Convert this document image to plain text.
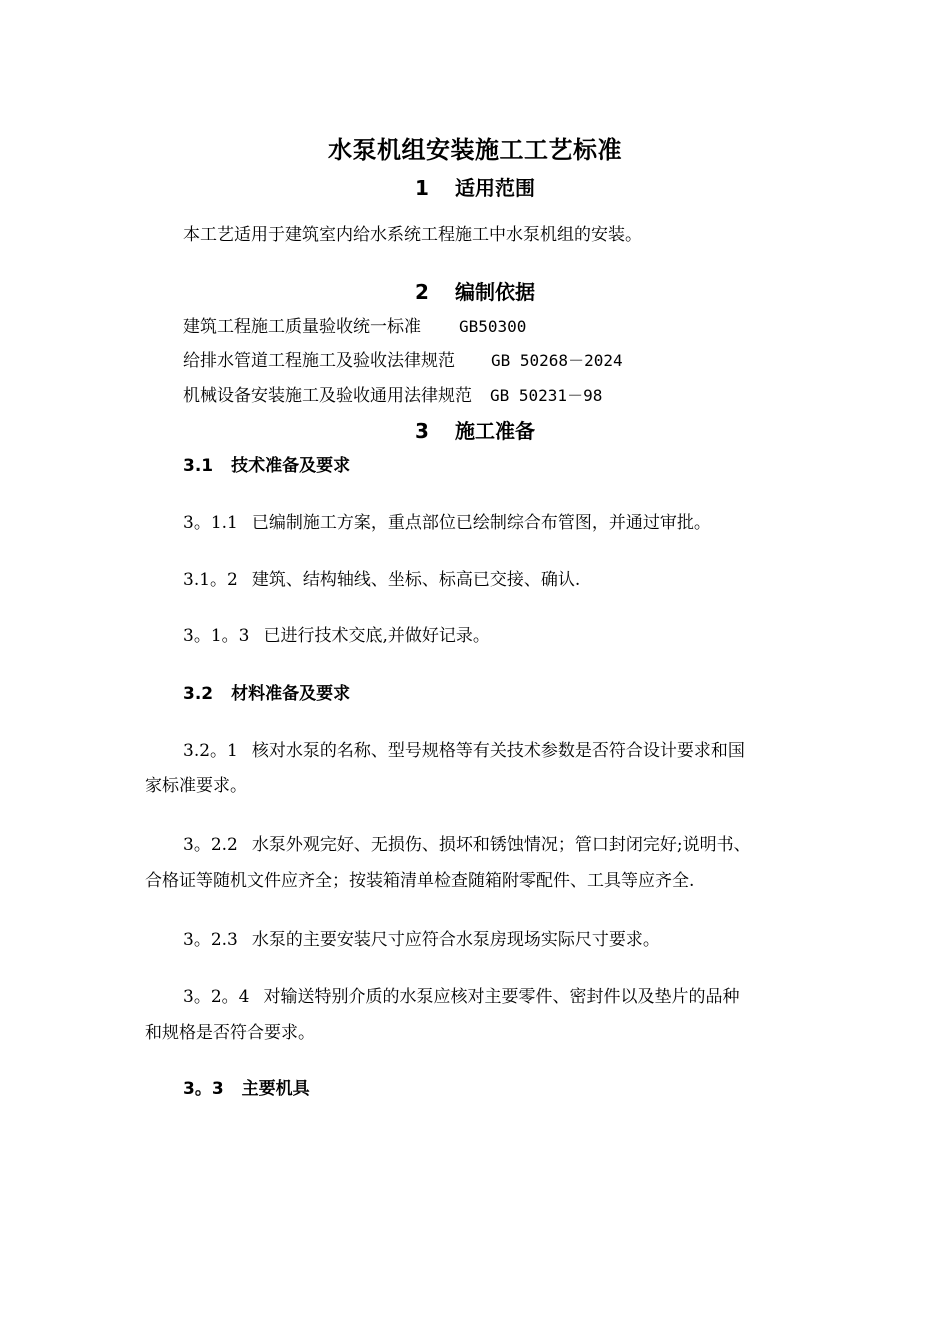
水泵机组安装施工工艺标准
1 适用范围
本工艺适用于建筑室内给水系统工程施工中水泵机组的安装。
2 编制依据
建筑工程施工质量验收统一标准 GB50300
给排水管道工程施工及验收法律规范 GB 50268－2024
机械设备安装施工及验收通用法律规范 GB 50231－98
3 施工准备
3.1 技术准备及要求
3。1.1 已编制施工方案，重点部位已绘制综合布管图，并通过审批。
3.1。2 建筑、结构轴线、坐标、标高已交接、确认.
3。1。3 已进行技术交底,并做好记录。
3.2 材料准备及要求
3.2。1 核对水泵的名称、型号规格等有关技术参数是否符合设计要求和国
家标准要求。
3。2.2 水泵外观完好、无损伤、损坏和锈蚀情况；管口封闭完好;说明书、
合格证等随机文件应齐全；按装箱清单检查随箱附零配件、工具等应齐全.
3。2.3 水泵的主要安装尺寸应符合水泵房现场实际尺寸要求。
3。2。4 对输送特别介质的水泵应核对主要零件、密封件以及垫片的品种
和规格是否符合要求。
3。3 主要机具
